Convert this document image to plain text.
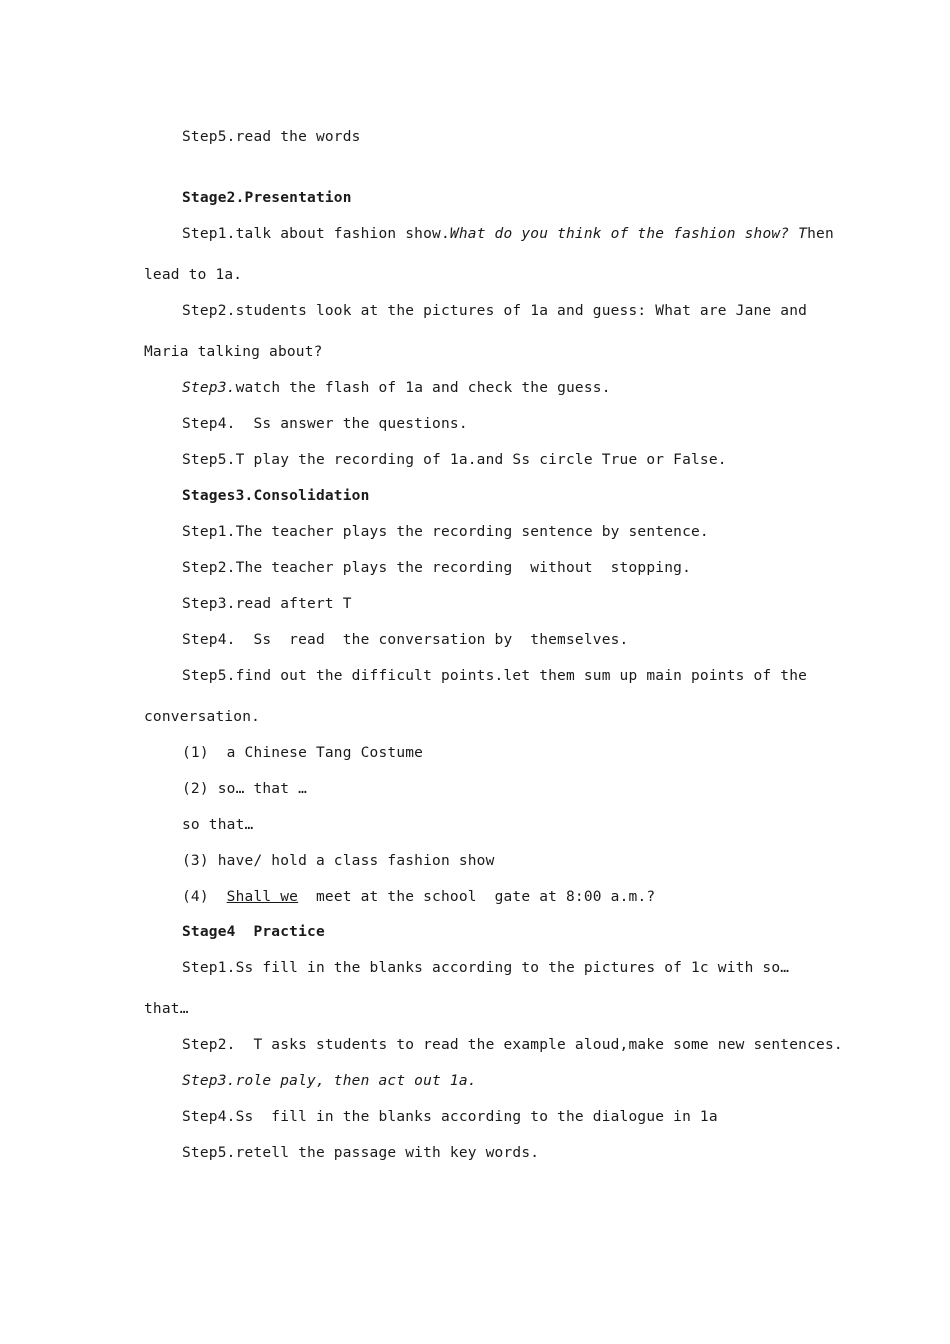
Step5.read the words
Stage2.Presentation
Step1.talk about fashion show.What do you think of the fashion show? Then
lead to 1a.
Step2.students look at the pictures of 1a and guess: What are Jane and
Maria talking about?
Step3.watch the flash of 1a and check the guess.
Step4.  Ss answer the questions.
Step5.T play the recording of 1a.and Ss circle True or False.
Stages3.Consolidation
Step1.The teacher plays the recording sentence by sentence.
Step2.The teacher plays the recording  without  stopping.
Step3.read aftert T
Step4.  Ss  read  the conversation by  themselves.
Step5.find out the difficult points.let them sum up main points of the
conversation.
(1)  a Chinese Tang Costume
(2) so… that …
so that…
(3) have/ hold a class fashion show
(4)  Shall we  meet at the school  gate at 8:00 a.m.?
Stage4  Practice
Step1.Ss fill in the blanks according to the pictures of 1c with so…
that…
Step2.  T asks students to read the example aloud,make some new sentences.
Step3.role paly, then act out 1a.
Step4.Ss  fill in the blanks according to the dialogue in 1a
Step5.retell the passage with key words.
